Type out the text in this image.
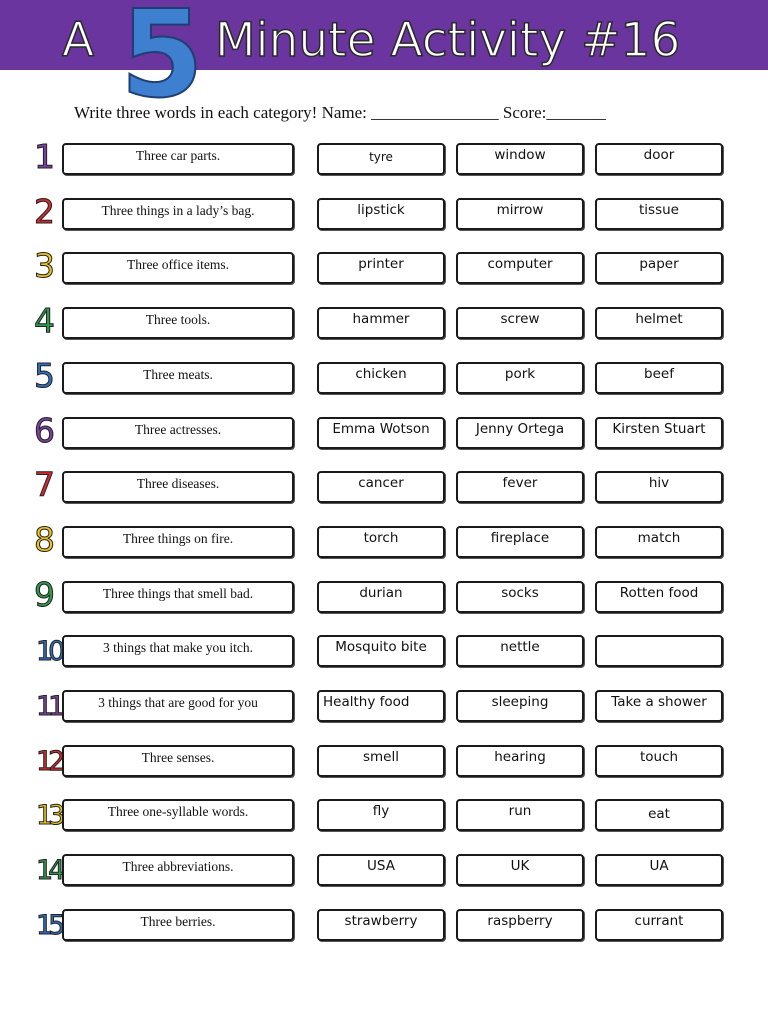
A 5 Minute Activity #16
Write three words in each category! Name: _______________ Score:_______
1	Three car parts.	tyre	window	door
2	Three things in a lady’s bag.	lipstick	mirrow	tissue
3	Three office items.	printer	computer	paper
4	Three tools.	hammer	screw	helmet
5	Three meats.	chicken	pork	beef
6	Three actresses.	Emma Wotson	Jenny Ortega	Kirsten Stuart
7	Three diseases.	cancer	fever	hiv
8	Three things on fire.	torch	fireplace	match
9	Three things that smell bad.	durian	socks	Rotten food
10	3 things that make you itch.	Mosquito bite	nettle
11	3 things that are good for you	Healthy food	sleeping	Take a shower
12	Three senses.	smell	hearing	touch
13	Three one-syllable words.	fly	run	eat
14	Three abbreviations.	USA	UK	UA
15	Three berries.	strawberry	raspberry	currant
